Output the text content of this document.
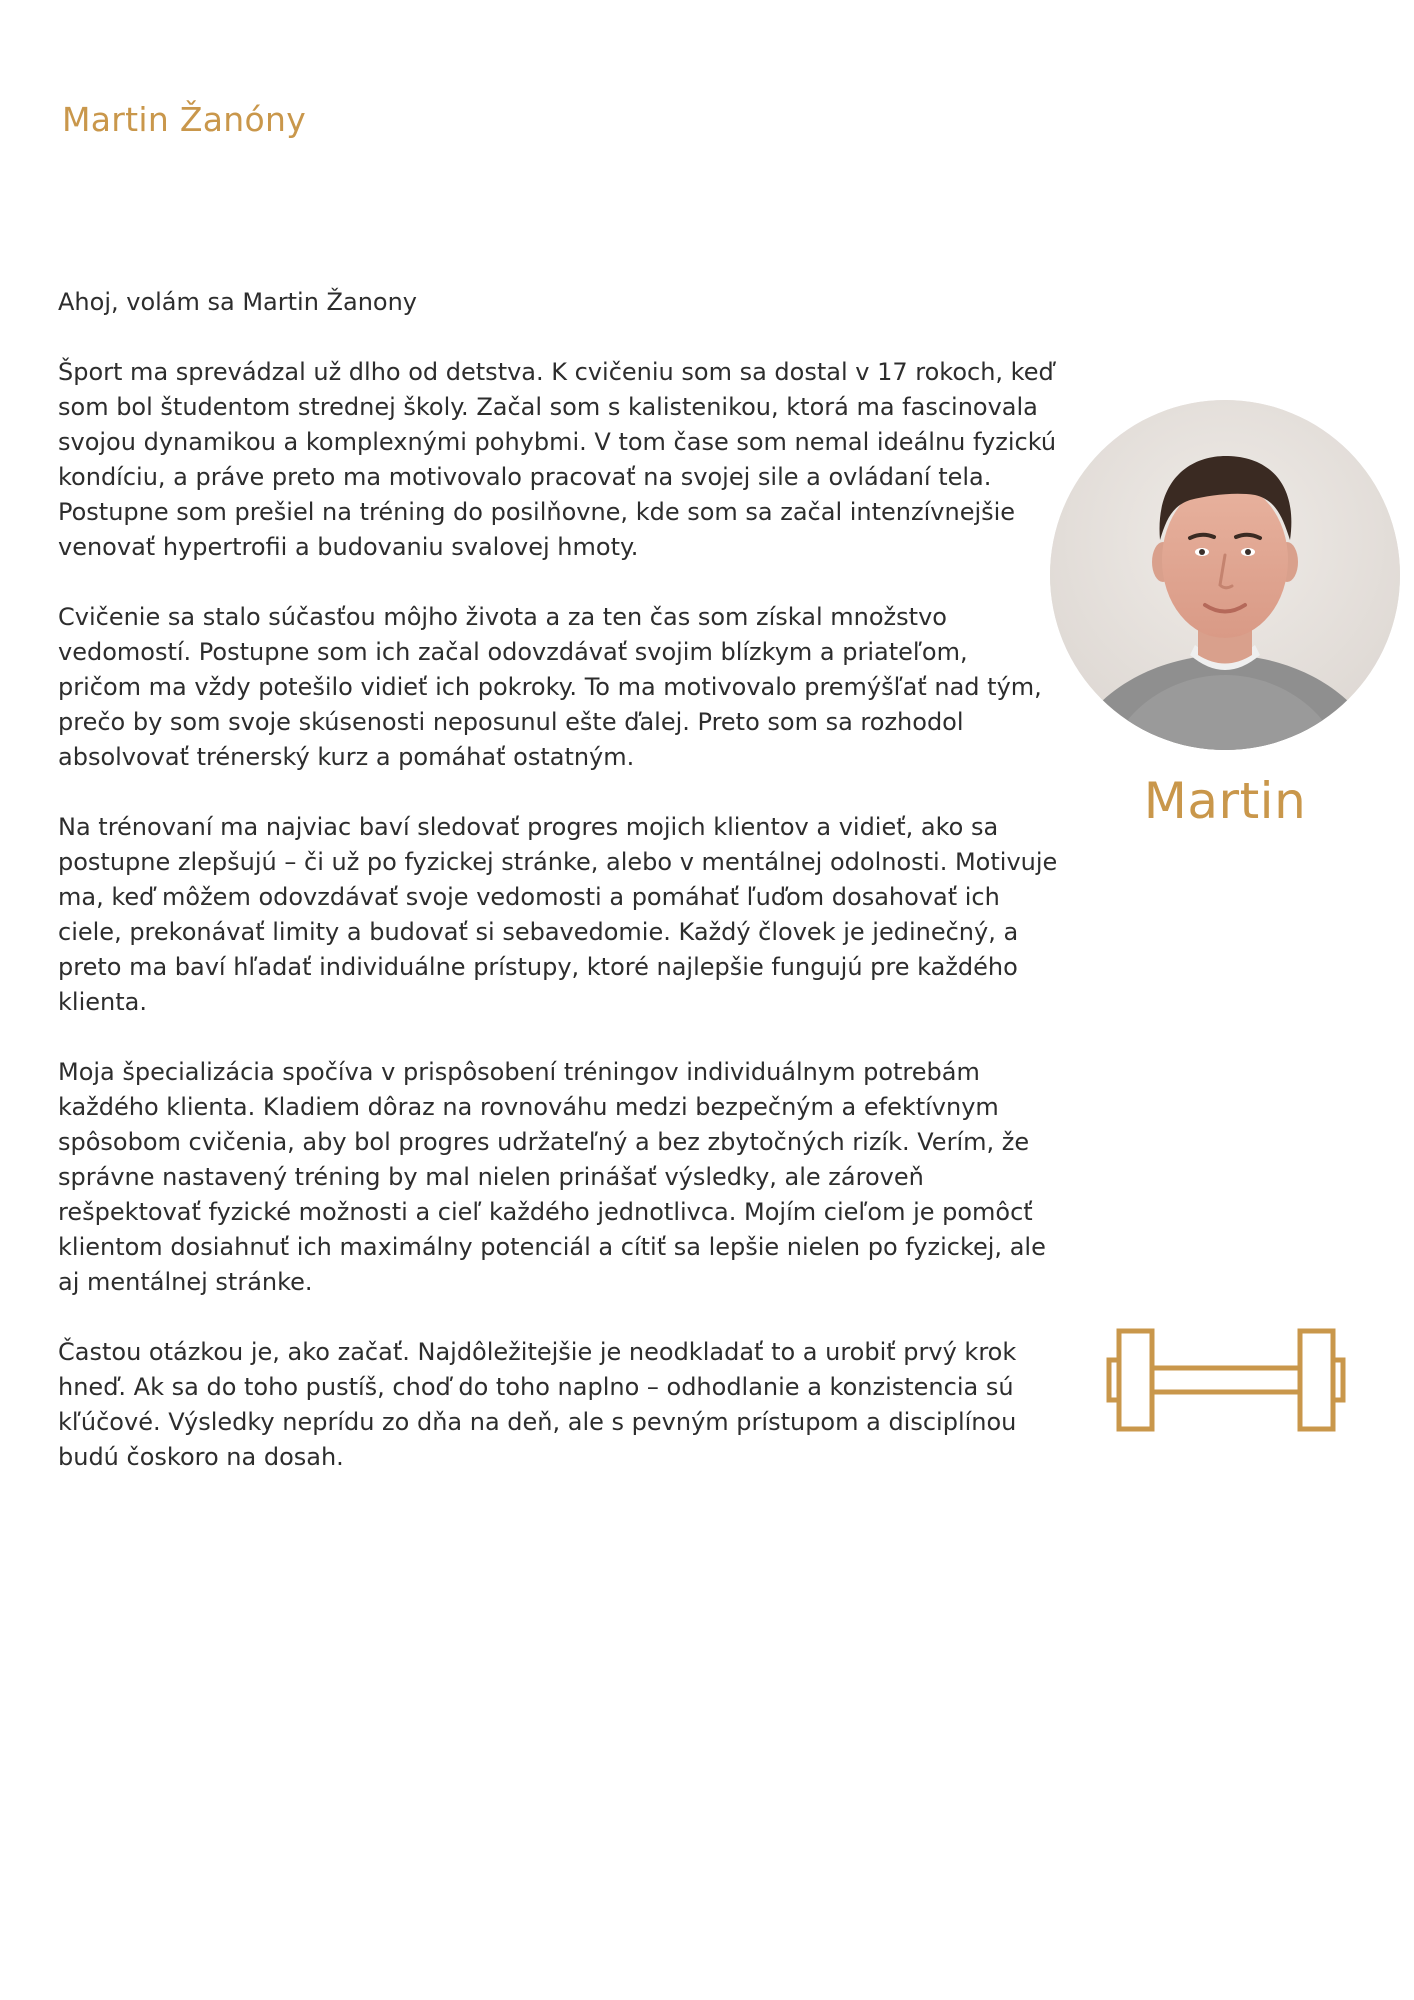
Martin Žanóny

Ahoj, volám sa Martin Žanony

Šport ma sprevádzal už dlho od detstva. K cvičeniu som sa dostal v 17 rokoch, keď som bol študentom strednej školy. Začal som s kalistenikou, ktorá ma fascinovala svojou dynamikou a komplexnými pohybmi. V tom čase som nemal ideálnu fyzickú kondíciu, a práve preto ma motivovalo pracovať na svojej sile a ovládaní tela. Postupne som prešiel na tréning do posilňovne, kde som sa začal intenzívnejšie venovať hypertrofii a budovaniu svalovej hmoty.

Cvičenie sa stalo súčasťou môjho života a za ten čas som získal množstvo vedomostí. Postupne som ich začal odovzdávať svojim blízkym a priateľom, pričom ma vždy potešilo vidieť ich pokroky. To ma motivovalo premýšľať nad tým, prečo by som svoje skúsenosti neposunul ešte ďalej. Preto som sa rozhodol absolvovať trénerský kurz a pomáhať ostatným.

Na trénovaní ma najviac baví sledovať progres mojich klientov a vidieť, ako sa postupne zlepšujú – či už po fyzickej stránke, alebo v mentálnej odolnosti. Motivuje ma, keď môžem odovzdávať svoje vedomosti a pomáhať ľuďom dosahovať ich ciele, prekonávať limity a budovať si sebavedomie. Každý človek je jedinečný, a preto ma baví hľadať individuálne prístupy, ktoré najlepšie fungujú pre každého klienta.

Moja špecializácia spočíva v prispôsobení tréningov individuálnym potrebám každého klienta. Kladiem dôraz na rovnováhu medzi bezpečným a efektívnym spôsobom cvičenia, aby bol progres udržateľný a bez zbytočných rizík. Verím, že správne nastavený tréning by mal nielen prinášať výsledky, ale zároveň rešpektovať fyzické možnosti a cieľ každého jednotlivca. Mojím cieľom je pomôcť klientom dosiahnuť ich maximálny potenciál a cítiť sa lepšie nielen po fyzickej, ale aj mentálnej stránke.

Častou otázkou je, ako začať. Najdôležitejšie je neodkladať to a urobiť prvý krok hneď. Ak sa do toho pustíš, choď do toho naplno – odhodlanie a konzistencia sú kľúčové. Výsledky neprídu zo dňa na deň, ale s pevným prístupom a disciplínou budú čoskoro na dosah.

Martin
